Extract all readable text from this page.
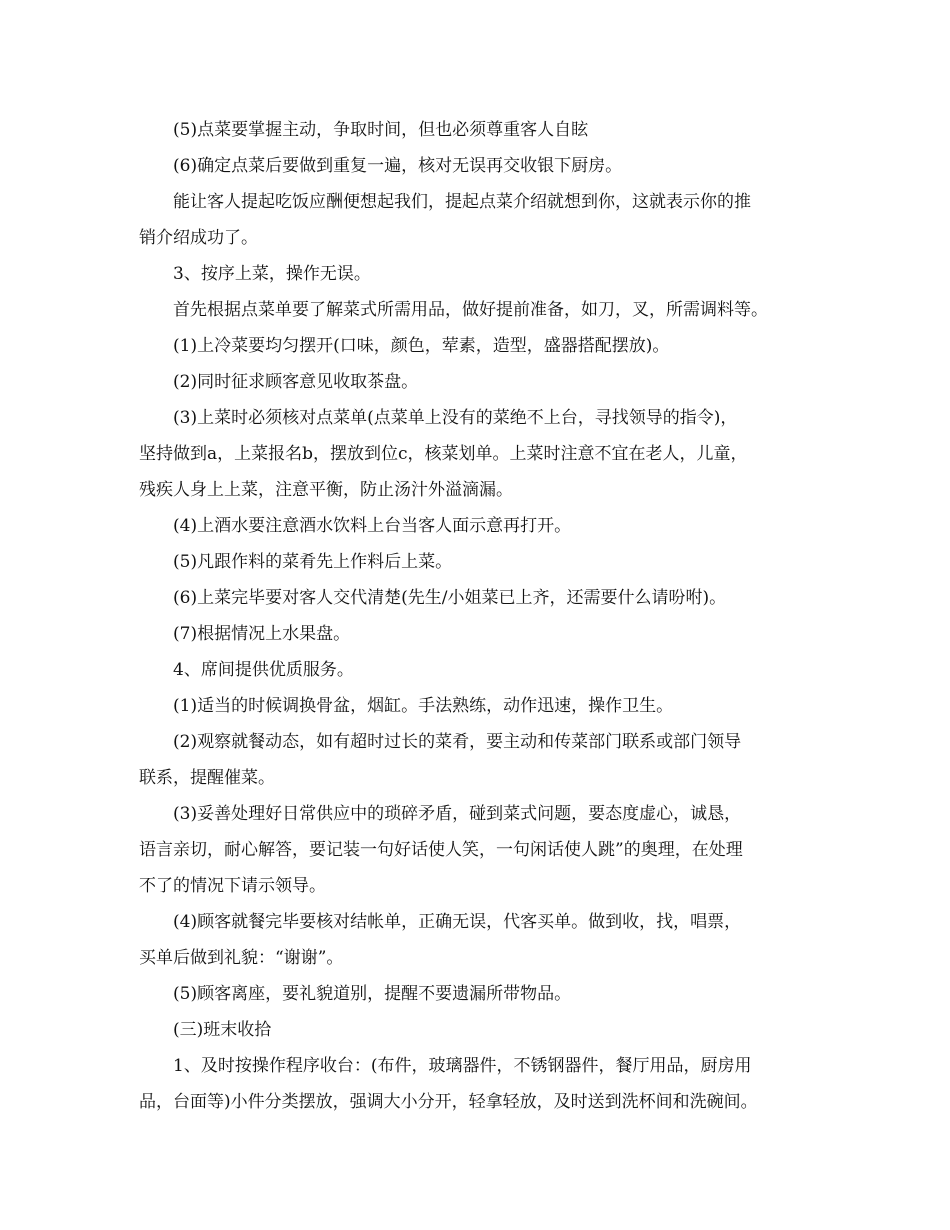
(5)点菜要掌握主动，争取时间，但也必须尊重客人自眩
(6)确定点菜后要做到重复一遍，核对无误再交收银下厨房。
能让客人提起吃饭应酬便想起我们，提起点菜介绍就想到你，这就表示你的推
销介绍成功了。
3、按序上菜，操作无误。
首先根据点菜单要了解菜式所需用品，做好提前准备，如刀，叉，所需调料等。
(1)上冷菜要均匀摆开(口味，颜色，荤素，造型，盛器搭配摆放)。
(2)同时征求顾客意见收取茶盘。
(3)上菜时必须核对点菜单(点菜单上没有的菜绝不上台，寻找领导的指令)，
坚持做到a，上菜报名b，摆放到位c，核菜划单。上菜时注意不宜在老人，儿童，
残疾人身上上菜，注意平衡，防止汤汁外溢滴漏。
(4)上酒水要注意酒水饮料上台当客人面示意再打开。
(5)凡跟作料的菜肴先上作料后上菜。
(6)上菜完毕要对客人交代清楚(先生/小姐菜已上齐，还需要什么请吩咐)。
(7)根据情况上水果盘。
4、席间提供优质服务。
(1)适当的时候调换骨盆，烟缸。手法熟练，动作迅速，操作卫生。
(2)观察就餐动态，如有超时过长的菜肴，要主动和传菜部门联系或部门领导
联系，提醒催菜。
(3)妥善处理好日常供应中的琐碎矛盾，碰到菜式问题，要态度虚心，诚恳，
语言亲切，耐心解答，要记装一句好话使人笑，一句闲话使人跳”的奥理，在处理
不了的情况下请示领导。
(4)顾客就餐完毕要核对结帐单，正确无误，代客买单。做到收，找，唱票，
买单后做到礼貌：“谢谢”。
(5)顾客离座，要礼貌道别，提醒不要遗漏所带物品。
(三)班末收拾
1、及时按操作程序收台：(布件，玻璃器件，不锈钢器件，餐厅用品，厨房用
品，台面等)小件分类摆放，强调大小分开，轻拿轻放，及时送到洗杯间和洗碗间。
